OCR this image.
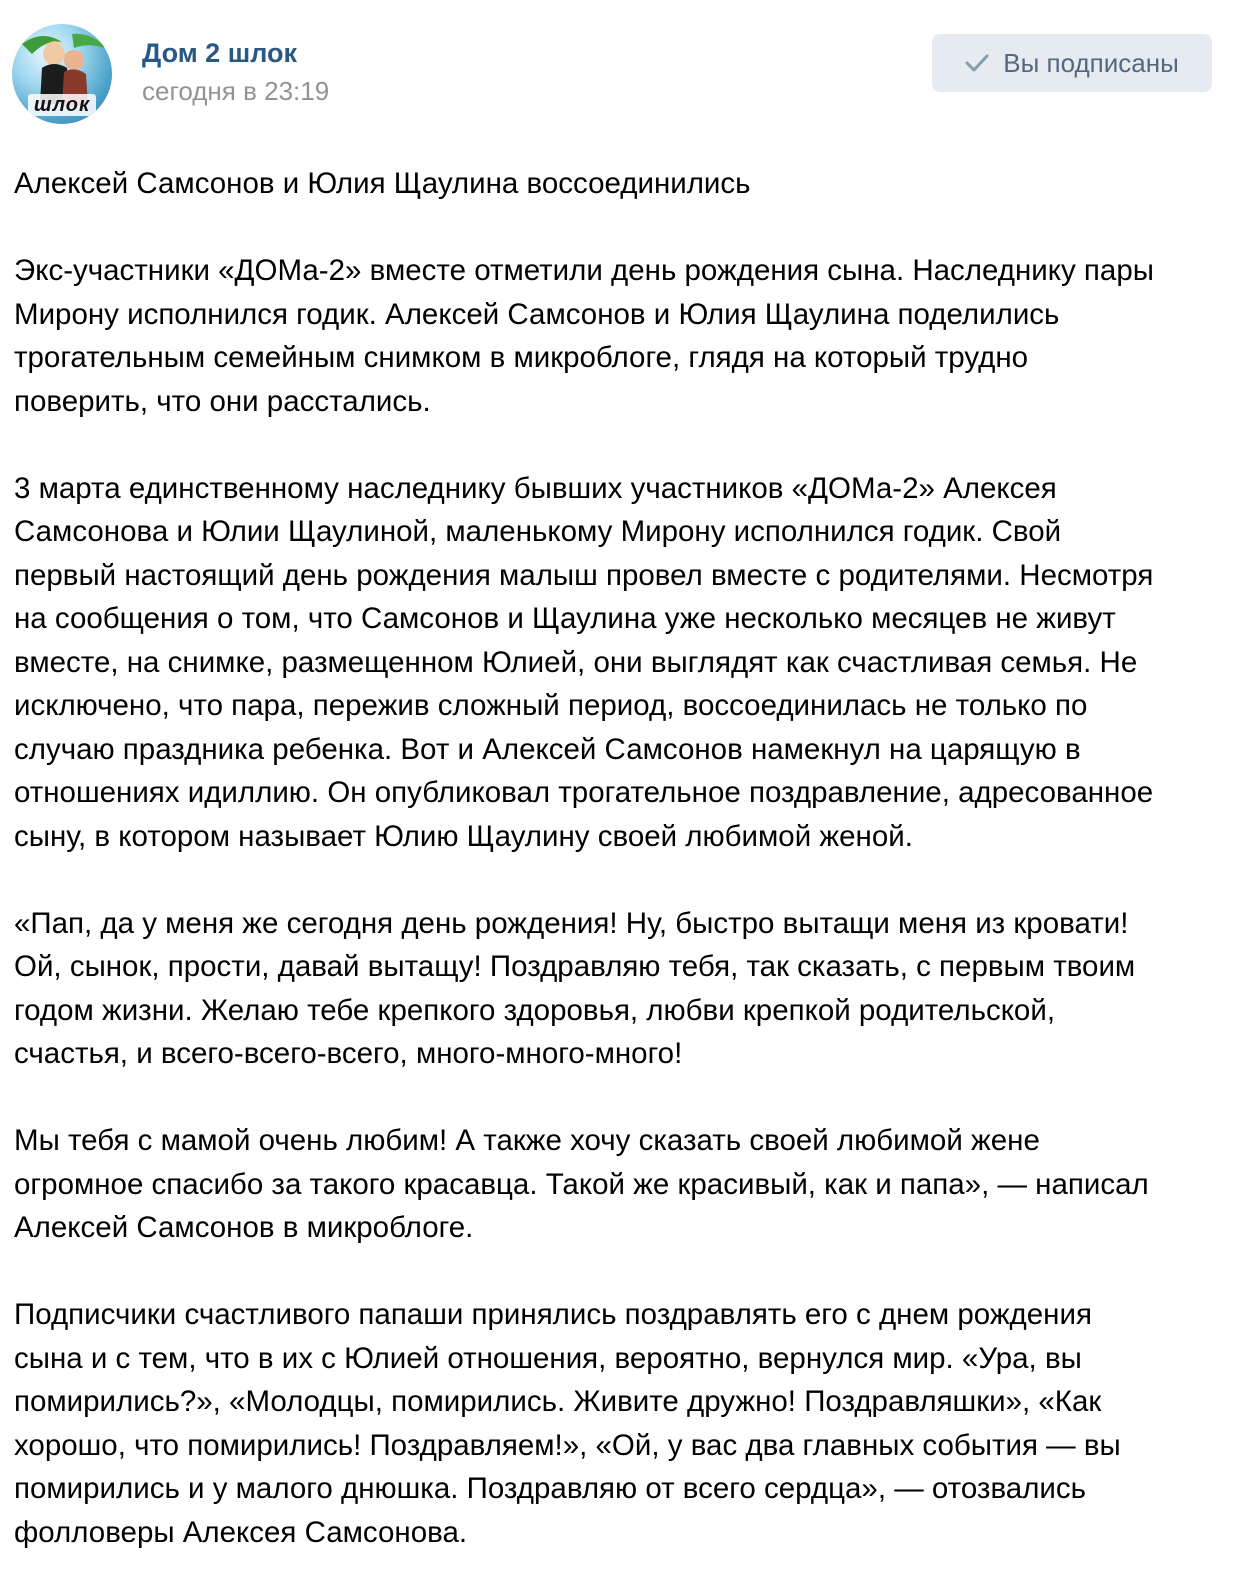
шлок
Дом 2 шлок
сегодня в 23:19
Вы подписаны

Алексей Самсонов и Юлия Щаулина воссоединились

Экс-участники «ДОМа-2» вместе отметили день рождения сына. Наследнику пары
Мирону исполнился годик. Алексей Самсонов и Юлия Щаулина поделились
трогательным семейным снимком в микроблоге, глядя на который трудно
поверить, что они расстались.

3 марта единственному наследнику бывших участников «ДОМа-2» Алексея
Самсонова и Юлии Щаулиной, маленькому Мирону исполнился годик. Свой
первый настоящий день рождения малыш провел вместе с родителями. Несмотря
на сообщения о том, что Самсонов и Щаулина уже несколько месяцев не живут
вместе, на снимке, размещенном Юлией, они выглядят как счастливая семья. Не
исключено, что пара, пережив сложный период, воссоединилась не только по
случаю праздника ребенка. Вот и Алексей Самсонов намекнул на царящую в
отношениях идиллию. Он опубликовал трогательное поздравление, адресованное
сыну, в котором называет Юлию Щаулину своей любимой женой.

«Пап, да у меня же сегодня день рождения! Ну, быстро вытащи меня из кровати!
Ой, сынок, прости, давай вытащу! Поздравляю тебя, так сказать, с первым твоим
годом жизни. Желаю тебе крепкого здоровья, любви крепкой родительской,
счастья, и всего-всего-всего, много-много-много!

Мы тебя с мамой очень любим! А также хочу сказать своей любимой жене
огромное спасибо за такого красавца. Такой же красивый, как и папа», — написал
Алексей Самсонов в микроблоге.

Подписчики счастливого папаши принялись поздравлять его с днем рождения
сына и с тем, что в их с Юлией отношения, вероятно, вернулся мир. «Ура, вы
помирились?», «Молодцы, помирились. Живите дружно! Поздравляшки», «Как
хорошо, что помирились! Поздравляем!», «Ой, у вас два главных события — вы
помирились и у малого днюшка. Поздравляю от всего сердца», — отозвались
фолловеры Алексея Самсонова.
